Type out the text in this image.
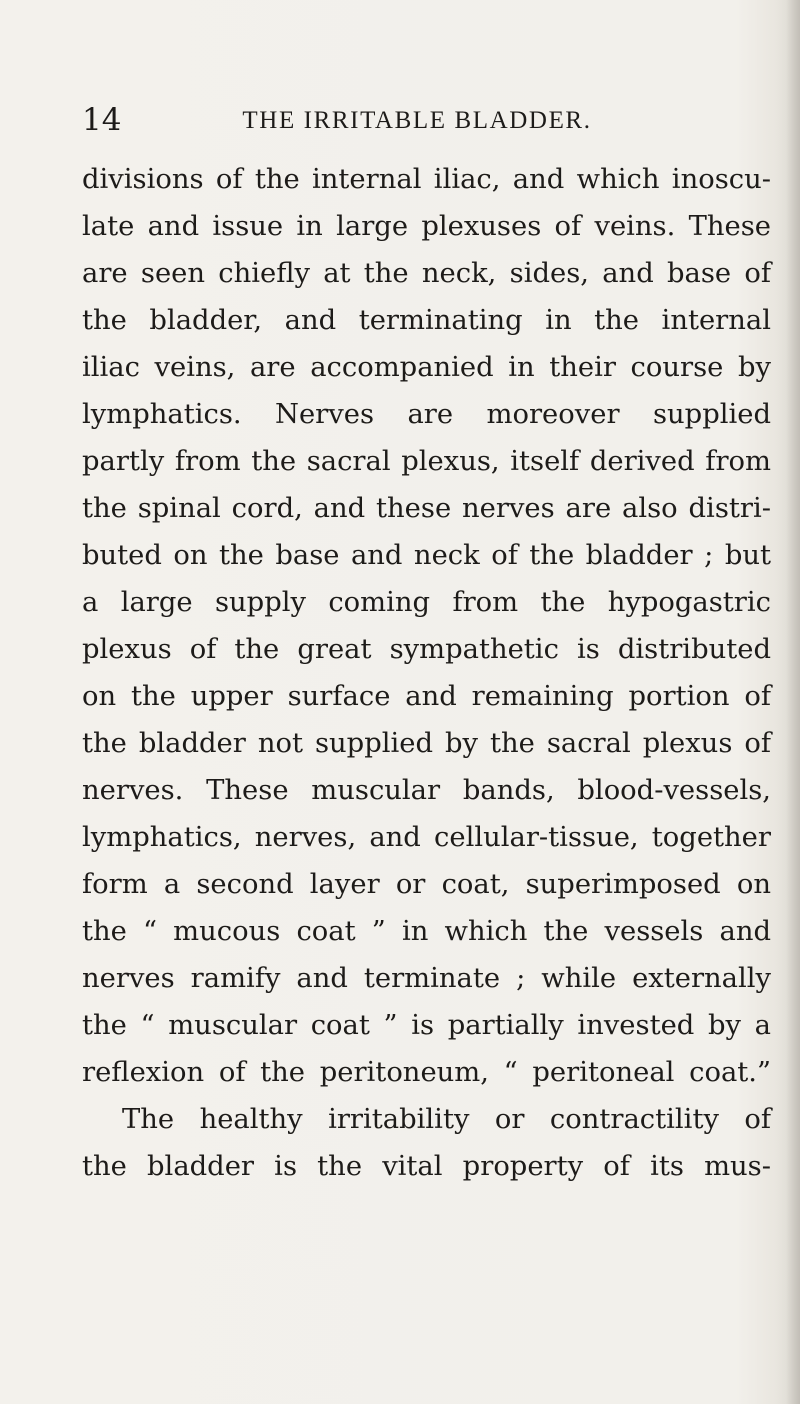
14	THE IRRITABLE BLADDER.
divisions of the internal iliac, and which inoscu-
late and issue in large plexuses of veins. These
are seen chiefly at the neck, sides, and base of
the bladder, and terminating in the internal
iliac veins, are accompanied in their course by
lymphatics. Nerves are moreover supplied
partly from the sacral plexus, itself derived from
the spinal cord, and these nerves are also distri-
buted on the base and neck of the bladder ; but
a large supply coming from the hypogastric
plexus of the great sympathetic is distributed
on the upper surface and remaining portion of
the bladder not supplied by the sacral plexus of
nerves. These muscular bands, blood-vessels,
lymphatics, nerves, and cellular-tissue, together
form a second layer or coat, superimposed on
the “ mucous coat ” in which the vessels and
nerves ramify and terminate ; while externally
the “ muscular coat ” is partially invested by a
reflexion of the peritoneum, “ peritoneal coat.”
The healthy irritability or contractility of
the bladder is the vital property of its mus-
